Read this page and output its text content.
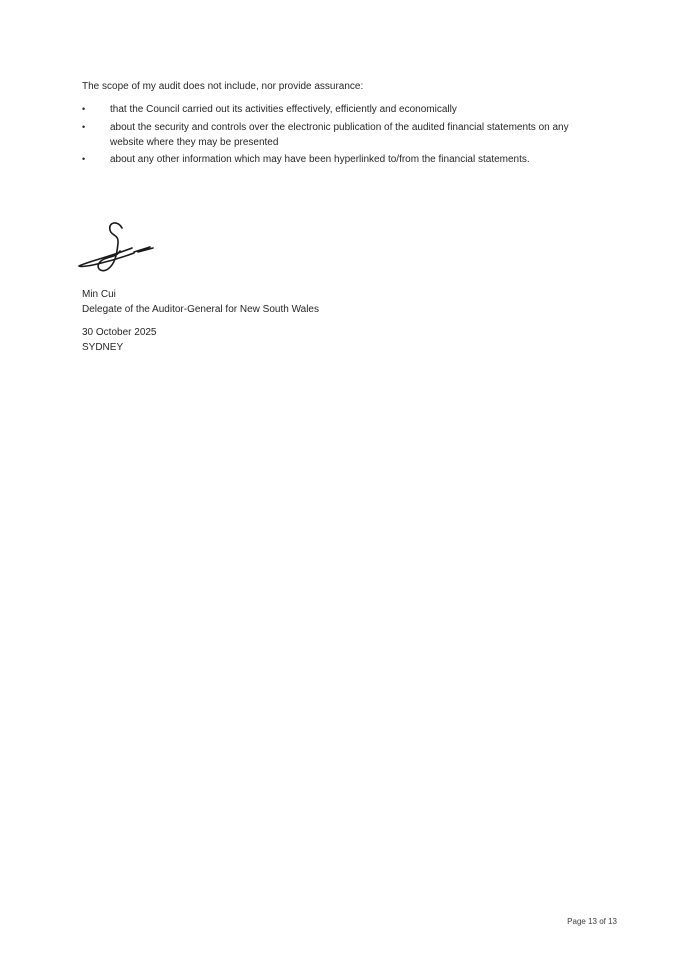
The scope of my audit does not include, nor provide assurance:

•	that the Council carried out its activities effectively, efficiently and economically
•	about the security and controls over the electronic publication of the audited financial statements on any website where they may be presented
•	about any other information which may have been hyperlinked to/from the financial statements.

Min Cui

Delegate of the Auditor-General for New South Wales

30 October 2025

SYDNEY

Page 13 of 13
